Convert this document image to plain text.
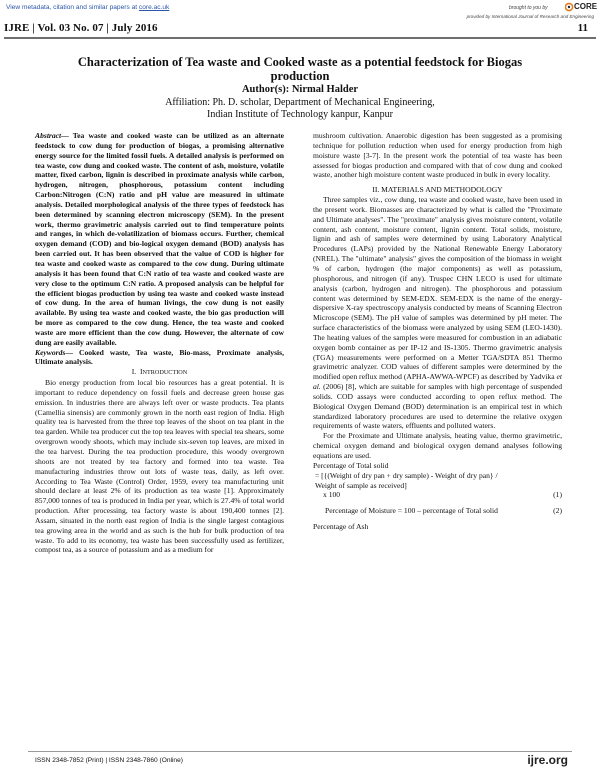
View metadata, citation and similar papers at core.ac.uk	brought to you by	CORE
provided by International Journal of Research and Engineering
IJRE | Vol. 03 No. 07 | July 2016	11
Characterization of Tea waste and Cooked waste as a potential feedstock for Biogas
production
Author(s): Nirmal Halder
Affiliation: Ph. D. scholar, Department of Mechanical Engineering,
Indian Institute of Technology kanpur, Kanpur

Abstract— Tea waste and cooked waste can be utilized as an alternate feedstock to cow dung for production of biogas, a promising alternative energy source for the limited fossil fuels. A detailed analysis is performed on tea waste, cow dung and cooked waste. The content of ash, moisture, volatile matter, fixed carbon, lignin is described in proximate analysis while carbon, hydrogen, nitrogen, phosphorous, potassium content including Carbon:Nitrogen (C:N) ratio and pH value are measured in ultimate analysis. Detailed morphological analysis of the three types of feedstock has been determined by scanning electron microscopy (SEM). In the present work, thermo gravimetric analysis carried out to find temperature points and ranges, in which de-volatilization of biomass occurs. Further, chemical oxygen demand (COD) and bio-logical oxygen demand (BOD) analysis has been carried out. It has been observed that the value of COD is higher for tea waste and cooked waste as compared to the cow dung. During ultimate analysis it has been found that C:N ratio of tea waste and cooked waste are very close to the optimum C:N ratio. A proposed analysis can be helpful for the efficient biogas production by using tea waste and cooked waste instead of cow dung. In the area of human livings, the cow dung is not easily available. By using tea waste and cooked waste, the bio gas production will be more as compared to the cow dung. Hence, the tea waste and cooked waste are more efficient than the cow dung. However, the alternate of cow dung are easily available.

Keywords— Cooked waste, Tea waste, Bio-mass, Proximate analysis, Ultimate analysis.

I. INTRODUCTION

Bio energy production from local bio resources has a great potential. It is important to reduce dependency on fossil fuels and decrease green house gas emission. In industries there are always left over or waste products. Tea plants (Camellia sinensis) are commonly grown in the north east region of India. High quality tea is harvested from the three top leaves of the shoot on tea plant in the tea garden. While tea producer cut the top tea leaves with special tea shears, some overgrown woody shoots, which may include six-seven top leaves, are mixed in the tea harvest. During the tea production procedure, this woody overgrown shoots are not treated by tea factory and formed into tea waste. Tea manufacturing industries throw out lots of waste teas, daily, as left over. According to Tea Waste (Control) Order, 1959, every tea manufacturing unit should declare at least 2% of its production as tea waste [1]. Approximately 857,000 tonnes of tea is produced in India per year, which is 27.4% of total world production. After processing, tea factory waste is about 190,400 tonnes [2]. Assam, situated in the north east region of India is the single largest contagious tea growing area in the world and as such is the hub for bulk production of tea waste. To add to its economy, tea waste has been successfully used as fertilizer, compost tea, as a source of potassium and as a medium for

mushroom cultivation. Anaerobic digestion has been suggested as a promising technique for pollution reduction when used for energy production from high moisture waste [3-7]. In the present work the potential of tea waste has been assessed for biogas production and compared with that of cow dung and cooked waste, another high moisture content waste produced in bulk in every locality.

II. MATERIALS AND METHODOLOGY

Three samples viz., cow dung, tea waste and cooked waste, have been used in the present work. Biomasses are characterized by what is called the "Proximate and Ultimate analyses". The "proximate" analysis gives moisture content, volatile content, ash content, moisture content, lignin content. Total solids, moisture, lignin and ash of samples were determined by using Laboratory Analytical Procedures (LAPs) provided by the National Renewable Energy Laboratory (NREL). The "ultimate" analysis" gives the composition of the biomass in weight % of carbon, hydrogen (the major components) as well as potassium, phosphorous, and nitrogen (if any). Truspec CHN LECO is used for ultimate analysis (carbon, hydrogen and nitrogen). The phosphorous and potassium content was determined by SEM-EDX. SEM-EDX is the name of the energy-dispersive X-ray spectroscopy analysis conducted by means of Scanning Electron Microscope (SEM). The pH value of samples was determined by pH meter. The surface characteristics of the biomass were analyzed by using SEM (LEO-1430). The heating values of the samples were measured for combustion in an adiabatic oxygen bomb container as per IP-12 and IS-1305. Thermo gravimetric analysis (TGA) measurements were performed on a Metter TGA/SDTA 851 Thermo gravimetric analyzer. COD values of different samples were determined by the modified open reflux method (APHA-AWWA-WPCF) as described by Yadvika et al. (2006) [8], which are suitable for samples with high percentage of suspended solids. COD assays were conducted according to open reflux method. The Biological Oxygen Demand (BOD) determination is an empirical test in which standardized laboratory procedures are used to determine the relative oxygen requirements of waste waters, effluents and polluted waters.

For the Proximate and Ultimate analysis, heating value, thermo gravimetric, chemical oxygen demand and biological oxygen demand analyses following equations are used.

Percentage of Total solid

= [{(Weight of dry pan + dry sample) - Weight of dry pan} /

Weight of sample as received]

x 100	(1)

Percentage of Moisture = 100 – percentage of Total solid	(2)

Percentage of Ash

ISSN 2348-7852 (Print) | ISSN 2348-7860 (Online)	ijre.org
